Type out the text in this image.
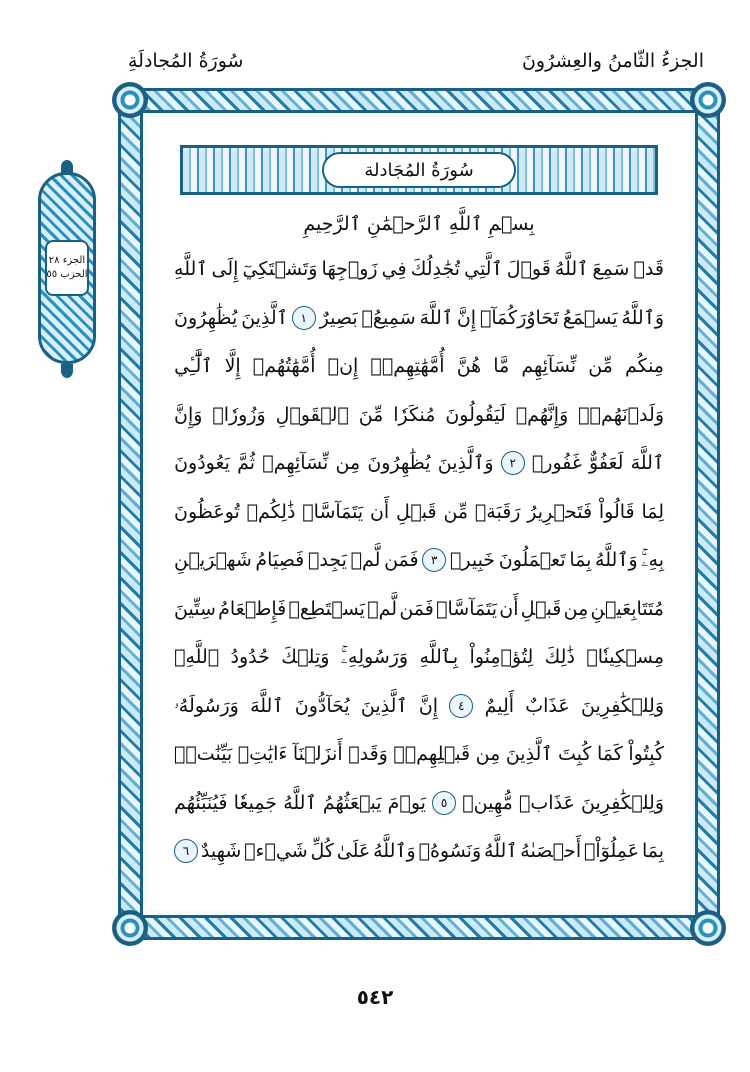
الجزءُ الثّامنُ والعِشرُونَ
سُورَةُ المُجادلَةِ
الجزء ٢٨
الحزب ٥٥
سُورَةُ المُجَادلة
بِسۡمِ ٱللَّهِ ٱلرَّحۡمَٰنِ ٱلرَّحِيمِ
قَدۡ
سَمِعَ
ٱللَّهُ
قَوۡلَ
ٱلَّتِي
تُجَٰدِلُكَ
فِي
زَوۡجِهَا
وَتَشۡتَكِيٓ
إِلَى
ٱللَّهِ
وَٱللَّهُ
يَسۡمَعُ
تَحَاوُرَكُمَآۚ
إِنَّ
ٱللَّهَ
سَمِيعُۢ
بَصِيرٌ
١
ٱلَّذِينَ
يُظَٰهِرُونَ
مِنكُم
مِّن
نِّسَآئِهِم
مَّا
هُنَّ
أُمَّهَٰتِهِمۡۖ
إِنۡ
أُمَّهَٰتُهُمۡ
إِلَّا
ٱلَّٰٓـِٔي
وَلَدۡنَهُمۡۚ
وَإِنَّهُمۡ
لَيَقُولُونَ
مُنكَرٗا
مِّنَ
ٱلۡقَوۡلِ
وَزُورٗاۚ
وَإِنَّ
ٱللَّهَ
لَعَفُوٌّ
غَفُورٞ
٢
وَٱلَّذِينَ
يُظَٰهِرُونَ
مِن
نِّسَآئِهِمۡ
ثُمَّ
يَعُودُونَ
لِمَا
قَالُواْ
فَتَحۡرِيرُ
رَقَبَةٖ
مِّن
قَبۡلِ
أَن
يَتَمَآسَّاۚ
ذَٰلِكُمۡ
تُوعَظُونَ
بِهِۦۚ
وَٱللَّهُ
بِمَا
تَعۡمَلُونَ
خَبِيرٞ
٣
فَمَن
لَّمۡ
يَجِدۡ
فَصِيَامُ
شَهۡرَيۡنِ
مُتَتَابِعَيۡنِ
مِن
قَبۡلِ
أَن
يَتَمَآسَّاۖ
فَمَن
لَّمۡ
يَسۡتَطِعۡ
فَإِطۡعَامُ
سِتِّينَ
مِسۡكِينٗاۚ
ذَٰلِكَ
لِتُؤۡمِنُواْ
بِٱللَّهِ
وَرَسُولِهِۦۚ
وَتِلۡكَ
حُدُودُ
ٱللَّهِۗ
وَلِلۡكَٰفِرِينَ
عَذَابٌ
أَلِيمٌ
٤
إِنَّ
ٱلَّذِينَ
يُحَآدُّونَ
ٱللَّهَ
وَرَسُولَهُۥ
كُبِتُواْ
كَمَا
كُبِتَ
ٱلَّذِينَ
مِن
قَبۡلِهِمۡۚ
وَقَدۡ
أَنزَلۡنَآ
ءَايَٰتِۭ
بَيِّنَٰتٖۚ
وَلِلۡكَٰفِرِينَ
عَذَابٞ
مُّهِينٞ
٥
يَوۡمَ
يَبۡعَثُهُمُ
ٱللَّهُ
جَمِيعٗا
فَيُنَبِّئُهُم
بِمَا
عَمِلُوٓاْۚ
أَحۡصَىٰهُ
ٱللَّهُ
وَنَسُوهُۚ
وَٱللَّهُ
عَلَىٰ
كُلِّ
شَيۡءٖ
شَهِيدٌ
٦
٥٤٢
